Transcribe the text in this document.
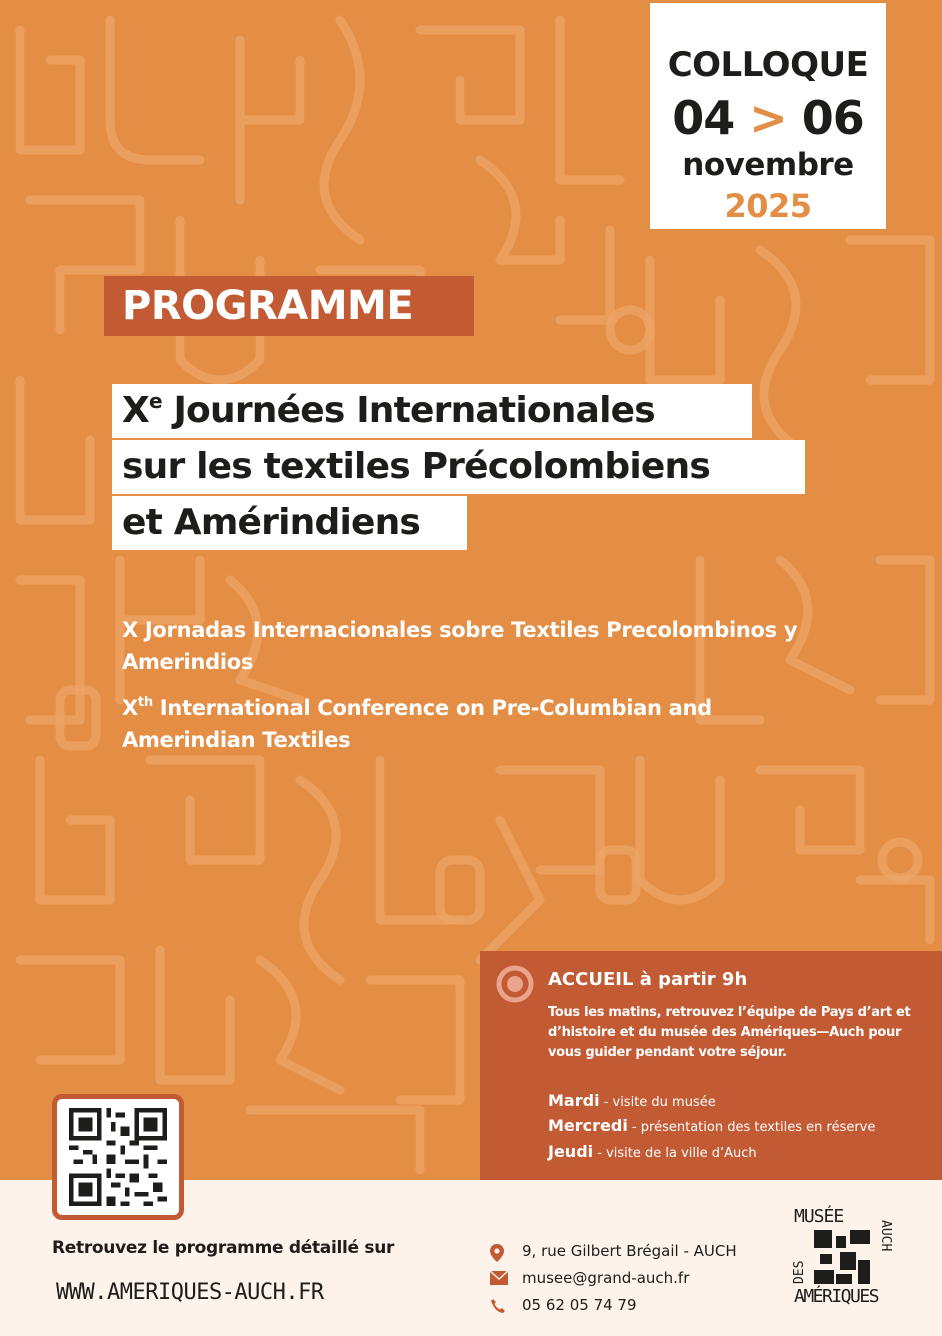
COLLOQUE
04 > 06
novembre
2025
PROGRAMME
Xe Journées Internationales
sur les textiles Précolombiens
et Amérindiens
X Jornadas Internacionales sobre Textiles Precolombinos y Amerindios
Xth International Conference on Pre-Columbian and Amerindian Textiles
ACCUEIL à partir 9h
Tous les matins, retrouvez l’équipe de Pays d’art et d’histoire et du musée des Amériques—Auch pour vous guider pendant votre séjour.
Mardi - visite du musée
Mercredi - présentation des textiles en réserve
Jeudi - visite de la ville d’Auch
Retrouvez le programme détaillé sur
WWW.AMERIQUES-AUCH.FR
9, rue Gilbert Brégail - AUCH
musee@grand-auch.fr
05 62 05 74 79
MUSÉE
DES
AUCH
AMÉRIQUES
